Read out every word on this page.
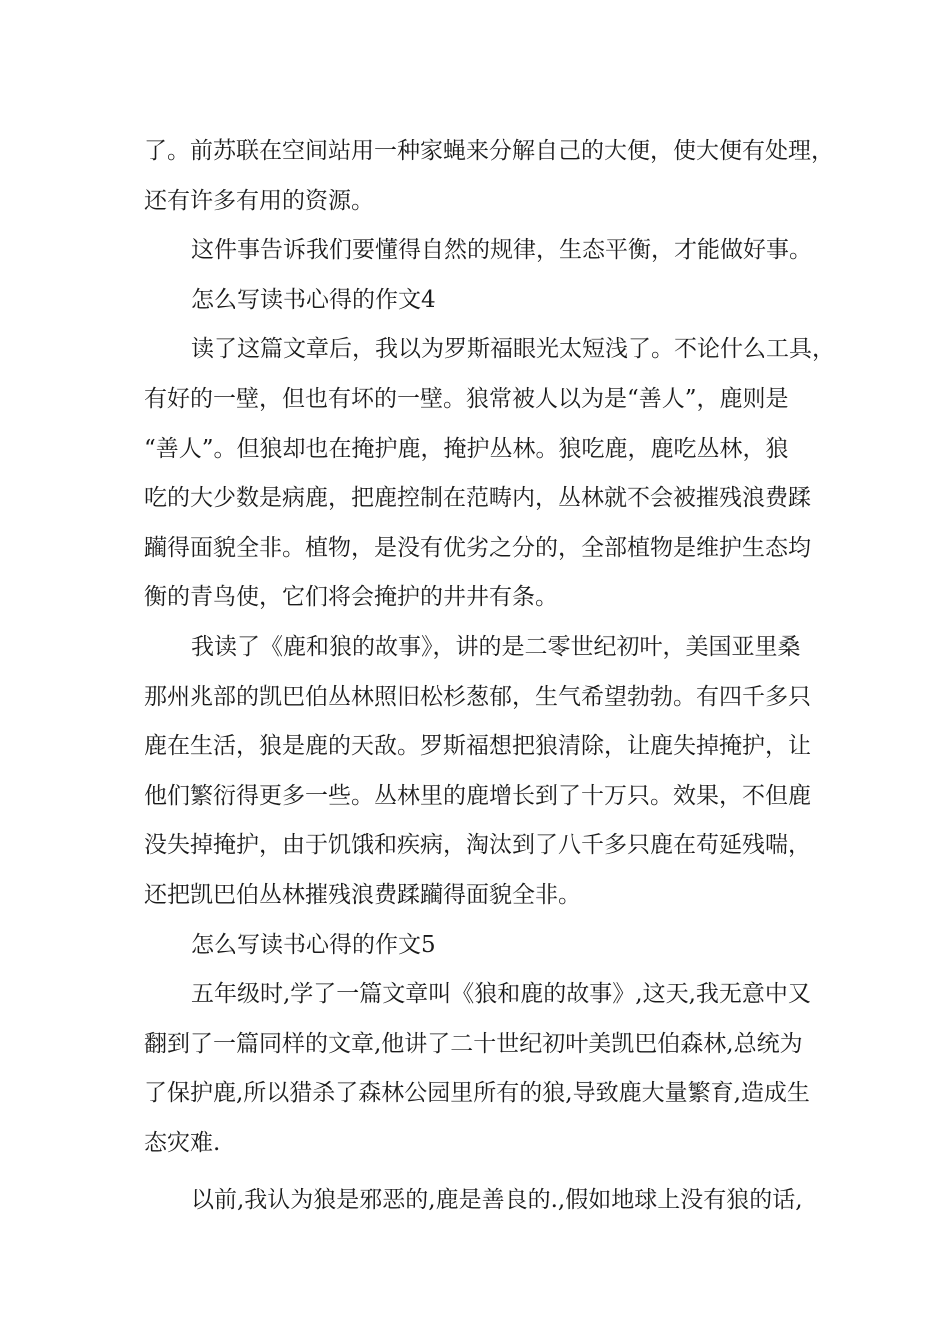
了。前苏联在空间站用一种家蝇来分解自己的大便，使大便有处理，
还有许多有用的资源。
这件事告诉我们要懂得自然的规律，生态平衡，才能做好事。
怎么写读书心得的作文4
读了这篇文章后，我以为罗斯福眼光太短浅了。不论什么工具，
有好的一壁，但也有坏的一壁。狼常被人以为是“善人”，鹿则是
“善人”。但狼却也在掩护鹿，掩护丛林。狼吃鹿，鹿吃丛林，狼
吃的大少数是病鹿，把鹿控制在范畴内，丛林就不会被摧残浪费蹂
躏得面貌全非。植物，是没有优劣之分的，全部植物是维护生态均
衡的青鸟使，它们将会掩护的井井有条。
我读了《鹿和狼的故事》，讲的是二零世纪初叶，美国亚里桑
那州兆部的凯巴伯丛林照旧松杉葱郁，生气希望勃勃。有四千多只
鹿在生活，狼是鹿的天敌。罗斯福想把狼清除，让鹿失掉掩护，让
他们繁衍得更多一些。丛林里的鹿增长到了十万只。效果，不但鹿
没失掉掩护，由于饥饿和疾病，淘汰到了八千多只鹿在苟延残喘，
还把凯巴伯丛林摧残浪费蹂躏得面貌全非。
怎么写读书心得的作文5
五年级时,学了一篇文章叫《狼和鹿的故事》,这天,我无意中又
翻到了一篇同样的文章,他讲了二十世纪初叶美凯巴伯森林,总统为
了保护鹿,所以猎杀了森林公园里所有的狼,导致鹿大量繁育,造成生
态灾难.
以前,我认为狼是邪恶的,鹿是善良的.,假如地球上没有狼的话,
